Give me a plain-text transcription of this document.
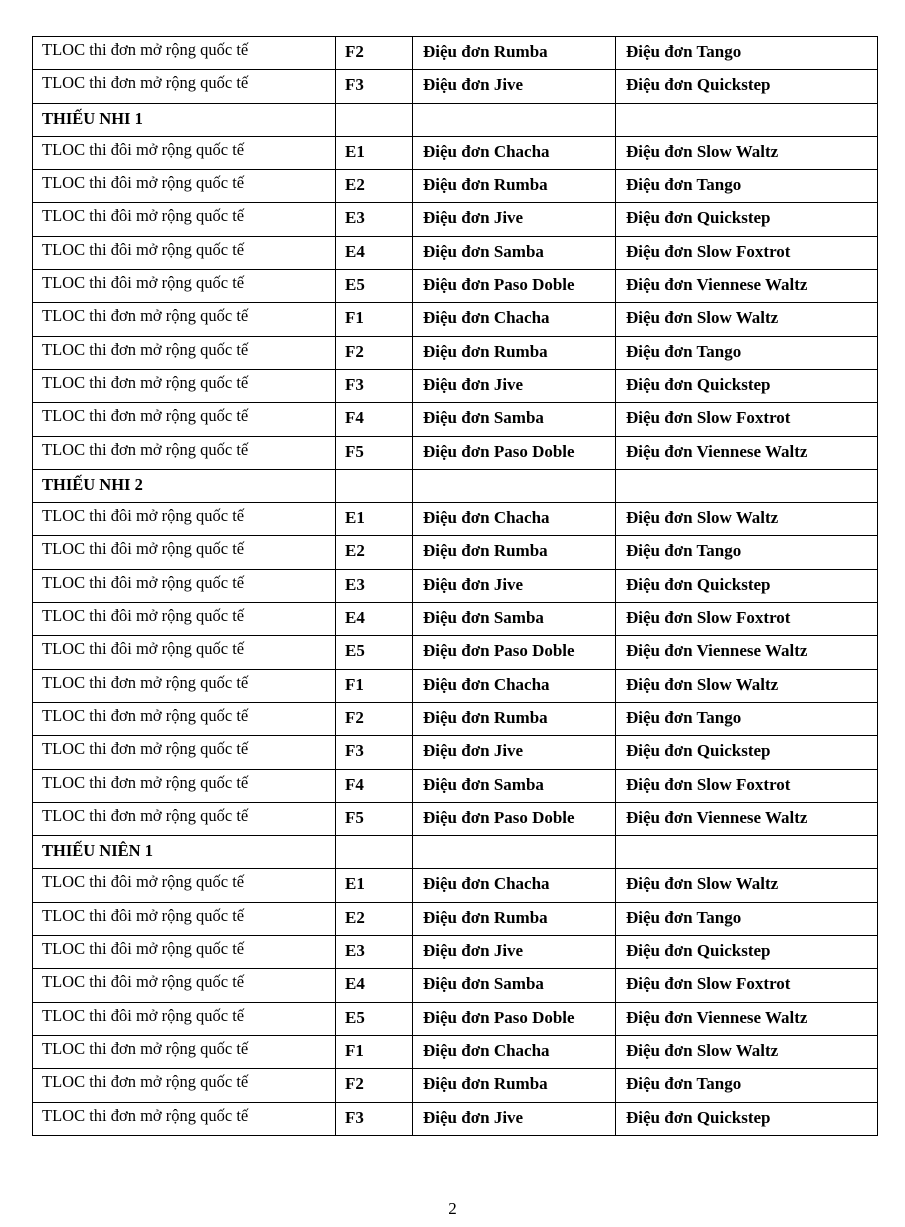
TLOC thi đơn mở rộng quốc tế	F2	Điệu đơn Rumba	Điệu đơn Tango
TLOC thi đơn mở rộng quốc tế	F3	Điệu đơn Jive	Điệu đơn Quickstep
THIẾU NHI 1			
TLOC thi đôi mở rộng quốc tế	E1	Điệu đơn Chacha	Điệu đơn Slow Waltz
TLOC thi đôi mở rộng quốc tế	E2	Điệu đơn Rumba	Điệu đơn Tango
TLOC thi đôi mở rộng quốc tế	E3	Điệu đơn Jive	Điệu đơn Quickstep
TLOC thi đôi mở rộng quốc tế	E4	Điệu đơn Samba	Điệu đơn Slow Foxtrot
TLOC thi đôi mở rộng quốc tế	E5	Điệu đơn Paso Doble	Điệu đơn Viennese Waltz
TLOC thi đơn mở rộng quốc tế	F1	Điệu đơn Chacha	Điệu đơn Slow Waltz
TLOC thi đơn mở rộng quốc tế	F2	Điệu đơn Rumba	Điệu đơn Tango
TLOC thi đơn mở rộng quốc tế	F3	Điệu đơn Jive	Điệu đơn Quickstep
TLOC thi đơn mở rộng quốc tế	F4	Điệu đơn Samba	Điệu đơn Slow Foxtrot
TLOC thi đơn mở rộng quốc tế	F5	Điệu đơn Paso Doble	Điệu đơn Viennese Waltz
THIẾU NHI 2			
TLOC thi đôi mở rộng quốc tế	E1	Điệu đơn Chacha	Điệu đơn Slow Waltz
TLOC thi đôi mở rộng quốc tế	E2	Điệu đơn Rumba	Điệu đơn Tango
TLOC thi đôi mở rộng quốc tế	E3	Điệu đơn Jive	Điệu đơn Quickstep
TLOC thi đôi mở rộng quốc tế	E4	Điệu đơn Samba	Điệu đơn Slow Foxtrot
TLOC thi đôi mở rộng quốc tế	E5	Điệu đơn Paso Doble	Điệu đơn Viennese Waltz
TLOC thi đơn mở rộng quốc tế	F1	Điệu đơn Chacha	Điệu đơn Slow Waltz
TLOC thi đơn mở rộng quốc tế	F2	Điệu đơn Rumba	Điệu đơn Tango
TLOC thi đơn mở rộng quốc tế	F3	Điệu đơn Jive	Điệu đơn Quickstep
TLOC thi đơn mở rộng quốc tế	F4	Điệu đơn Samba	Điệu đơn Slow Foxtrot
TLOC thi đơn mở rộng quốc tế	F5	Điệu đơn Paso Doble	Điệu đơn Viennese Waltz
THIẾU NIÊN 1			
TLOC thi đôi mở rộng quốc tế	E1	Điệu đơn Chacha	Điệu đơn Slow Waltz
TLOC thi đôi mở rộng quốc tế	E2	Điệu đơn Rumba	Điệu đơn Tango
TLOC thi đôi mở rộng quốc tế	E3	Điệu đơn Jive	Điệu đơn Quickstep
TLOC thi đôi mở rộng quốc tế	E4	Điệu đơn Samba	Điệu đơn Slow Foxtrot
TLOC thi đôi mở rộng quốc tế	E5	Điệu đơn Paso Doble	Điệu đơn Viennese Waltz
TLOC thi đơn mở rộng quốc tế	F1	Điệu đơn Chacha	Điệu đơn Slow Waltz
TLOC thi đơn mở rộng quốc tế	F2	Điệu đơn Rumba	Điệu đơn Tango
TLOC thi đơn mở rộng quốc tế	F3	Điệu đơn Jive	Điệu đơn Quickstep
2
